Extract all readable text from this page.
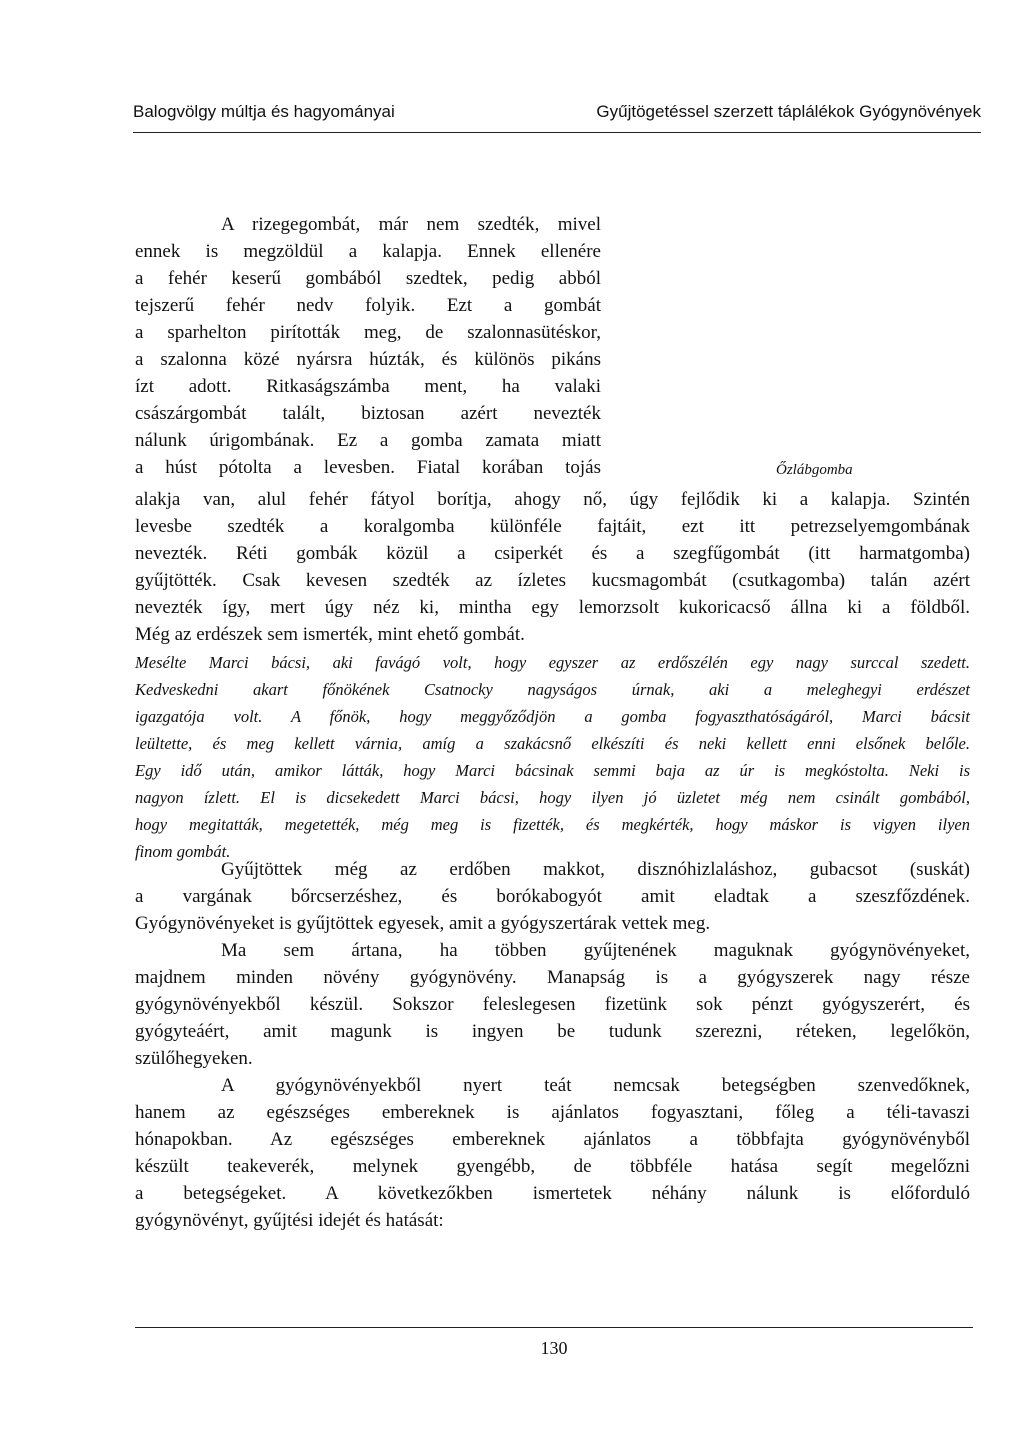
Balogvölgy múltja és hagyományai	Gyűjtögetéssel szerzett táplálékok Gyógynövények
A rizegegombát, már nem szedték, mivel
ennek is megzöldül a kalapja. Ennek ellenére
a fehér keserű gombából szedtek, pedig abból
tejszerű fehér nedv folyik. Ezt a gombát
a sparhelton pirították meg, de szalonnasütéskor,
a szalonna közé nyársra húzták, és különös pikáns
ízt adott. Ritkaságszámba ment, ha valaki
császárgombát talált, biztosan azért nevezték
nálunk úrigombának. Ez a gomba zamata miatt
a húst pótolta a levesben. Fiatal korában tojás	Őzlábgomba
alakja van, alul fehér fátyol borítja, ahogy nő, úgy fejlődik ki a kalapja. Szintén
levesbe szedték a koralgomba különféle fajtáit, ezt itt petrezselyemgombának
nevezték. Réti gombák közül a csiperkét és a szegfűgombát (itt harmatgomba)
gyűjtötték. Csak kevesen szedték az ízletes kucsmagombát (csutkagomba) talán azért
nevezték így, mert úgy néz ki, mintha egy lemorzsolt kukoricacső állna ki a földből.
Még az erdészek sem ismerték, mint ehető gombát.
Mesélte Marci bácsi, aki favágó volt, hogy egyszer az erdőszélén egy nagy surccal szedett.
Kedveskedni akart főnökének Csatnocky nagyságos úrnak, aki a meleghegyi erdészet
igazgatója volt. A főnök, hogy meggyőződjön a gomba fogyaszthatóságáról, Marci bácsit
leültette, és meg kellett várnia, amíg a szakácsnő elkészíti és neki kellett enni elsőnek belőle.
Egy idő után, amikor látták, hogy Marci bácsinak semmi baja az úr is megkóstolta. Neki is
nagyon ízlett. El is dicsekedett Marci bácsi, hogy ilyen jó üzletet még nem csinált gombából,
hogy megitatták, megetették, még meg is fizették, és megkérték, hogy máskor is vigyen ilyen
finom gombát.
Gyűjtöttek még az erdőben makkot, disznóhizlaláshoz, gubacsot (suskát)
a vargának bőrcserzéshez, és borókabogyót amit eladtak a szeszfőzdének.
Gyógynövényeket is gyűjtöttek egyesek, amit a gyógyszertárak vettek meg.
Ma sem ártana, ha többen gyűjtenének maguknak gyógynövényeket,
majdnem minden növény gyógynövény. Manapság is a gyógyszerek nagy része
gyógynövényekből készül. Sokszor feleslegesen fizetünk sok pénzt gyógyszerért, és
gyógyteáért, amit magunk is ingyen be tudunk szerezni, réteken, legelőkön,
szülőhegyeken.
A gyógynövényekből nyert teát nemcsak betegségben szenvedőknek,
hanem az egészséges embereknek is ajánlatos fogyasztani, főleg a téli-tavaszi
hónapokban. Az egészséges embereknek ajánlatos a többfajta gyógynövényből
készült teakeverék, melynek gyengébb, de többféle hatása segít megelőzni
a betegségeket. A következőkben ismertetek néhány nálunk is előforduló
gyógynövényt, gyűjtési idejét és hatását:
130
